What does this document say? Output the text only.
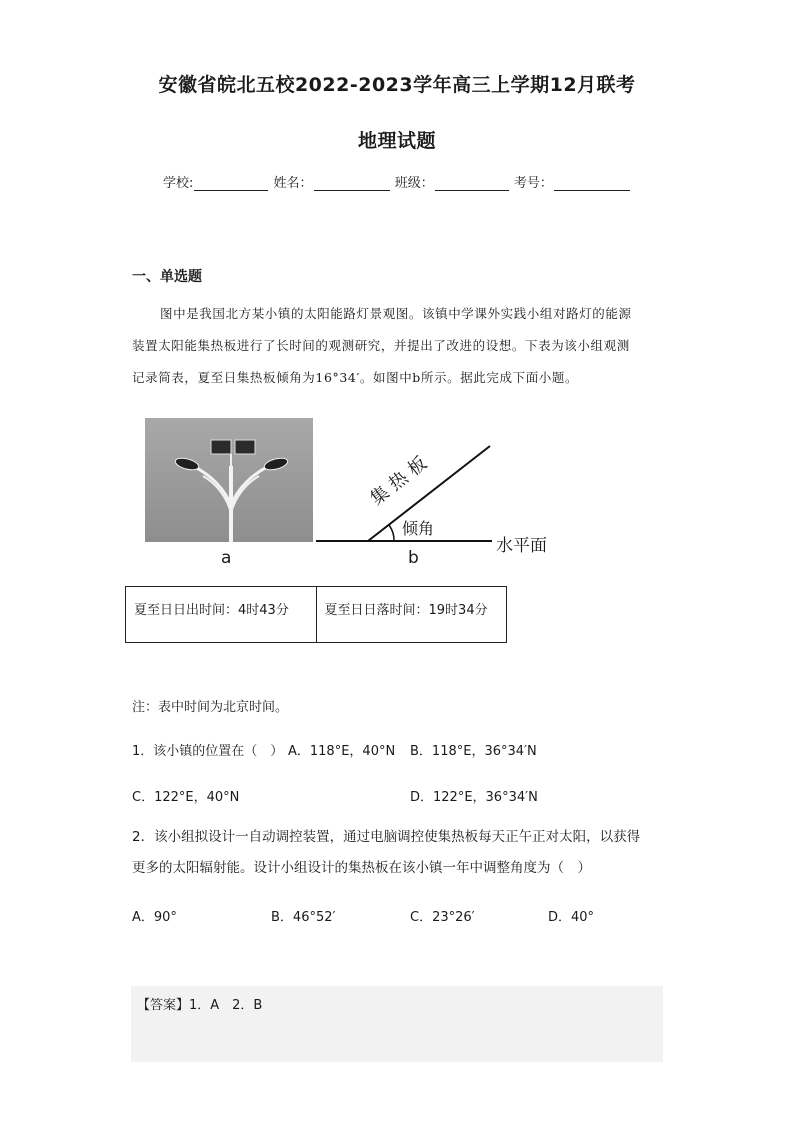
安徽省皖北五校2022-2023学年高三上学期12月联考
地理试题
学校:	姓名：	班级：	考号：
一、单选题
图中是我国北方某小镇的太阳能路灯景观图。该镇中学课外实践小组对路灯的能源
装置太阳能集热板进行了长时间的观测研究，并提出了改进的设想。下表为该小组观测
记录简表，夏至日集热板倾角为16°34′。如图中b所示。据此完成下面小题。
a
集 热 板
倾角
水平面
b
夏至日日出时间：4时43分	夏至日日落时间：19时34分
注：表中时间为北京时间。
1．该小镇的位置在（　） A．118°E，40°N B．118°E，36°34′N
C．122°E，40°N	D．122°E，36°34′N
2．该小组拟设计一自动调控装置，通过电脑调控使集热板每天正午正对太阳，以获得
更多的太阳辐射能。设计小组设计的集热板在该小镇一年中调整角度为（　）
A．90°	B．46°52′	C．23°26′	D．40°
【答案】1．A　2．B
